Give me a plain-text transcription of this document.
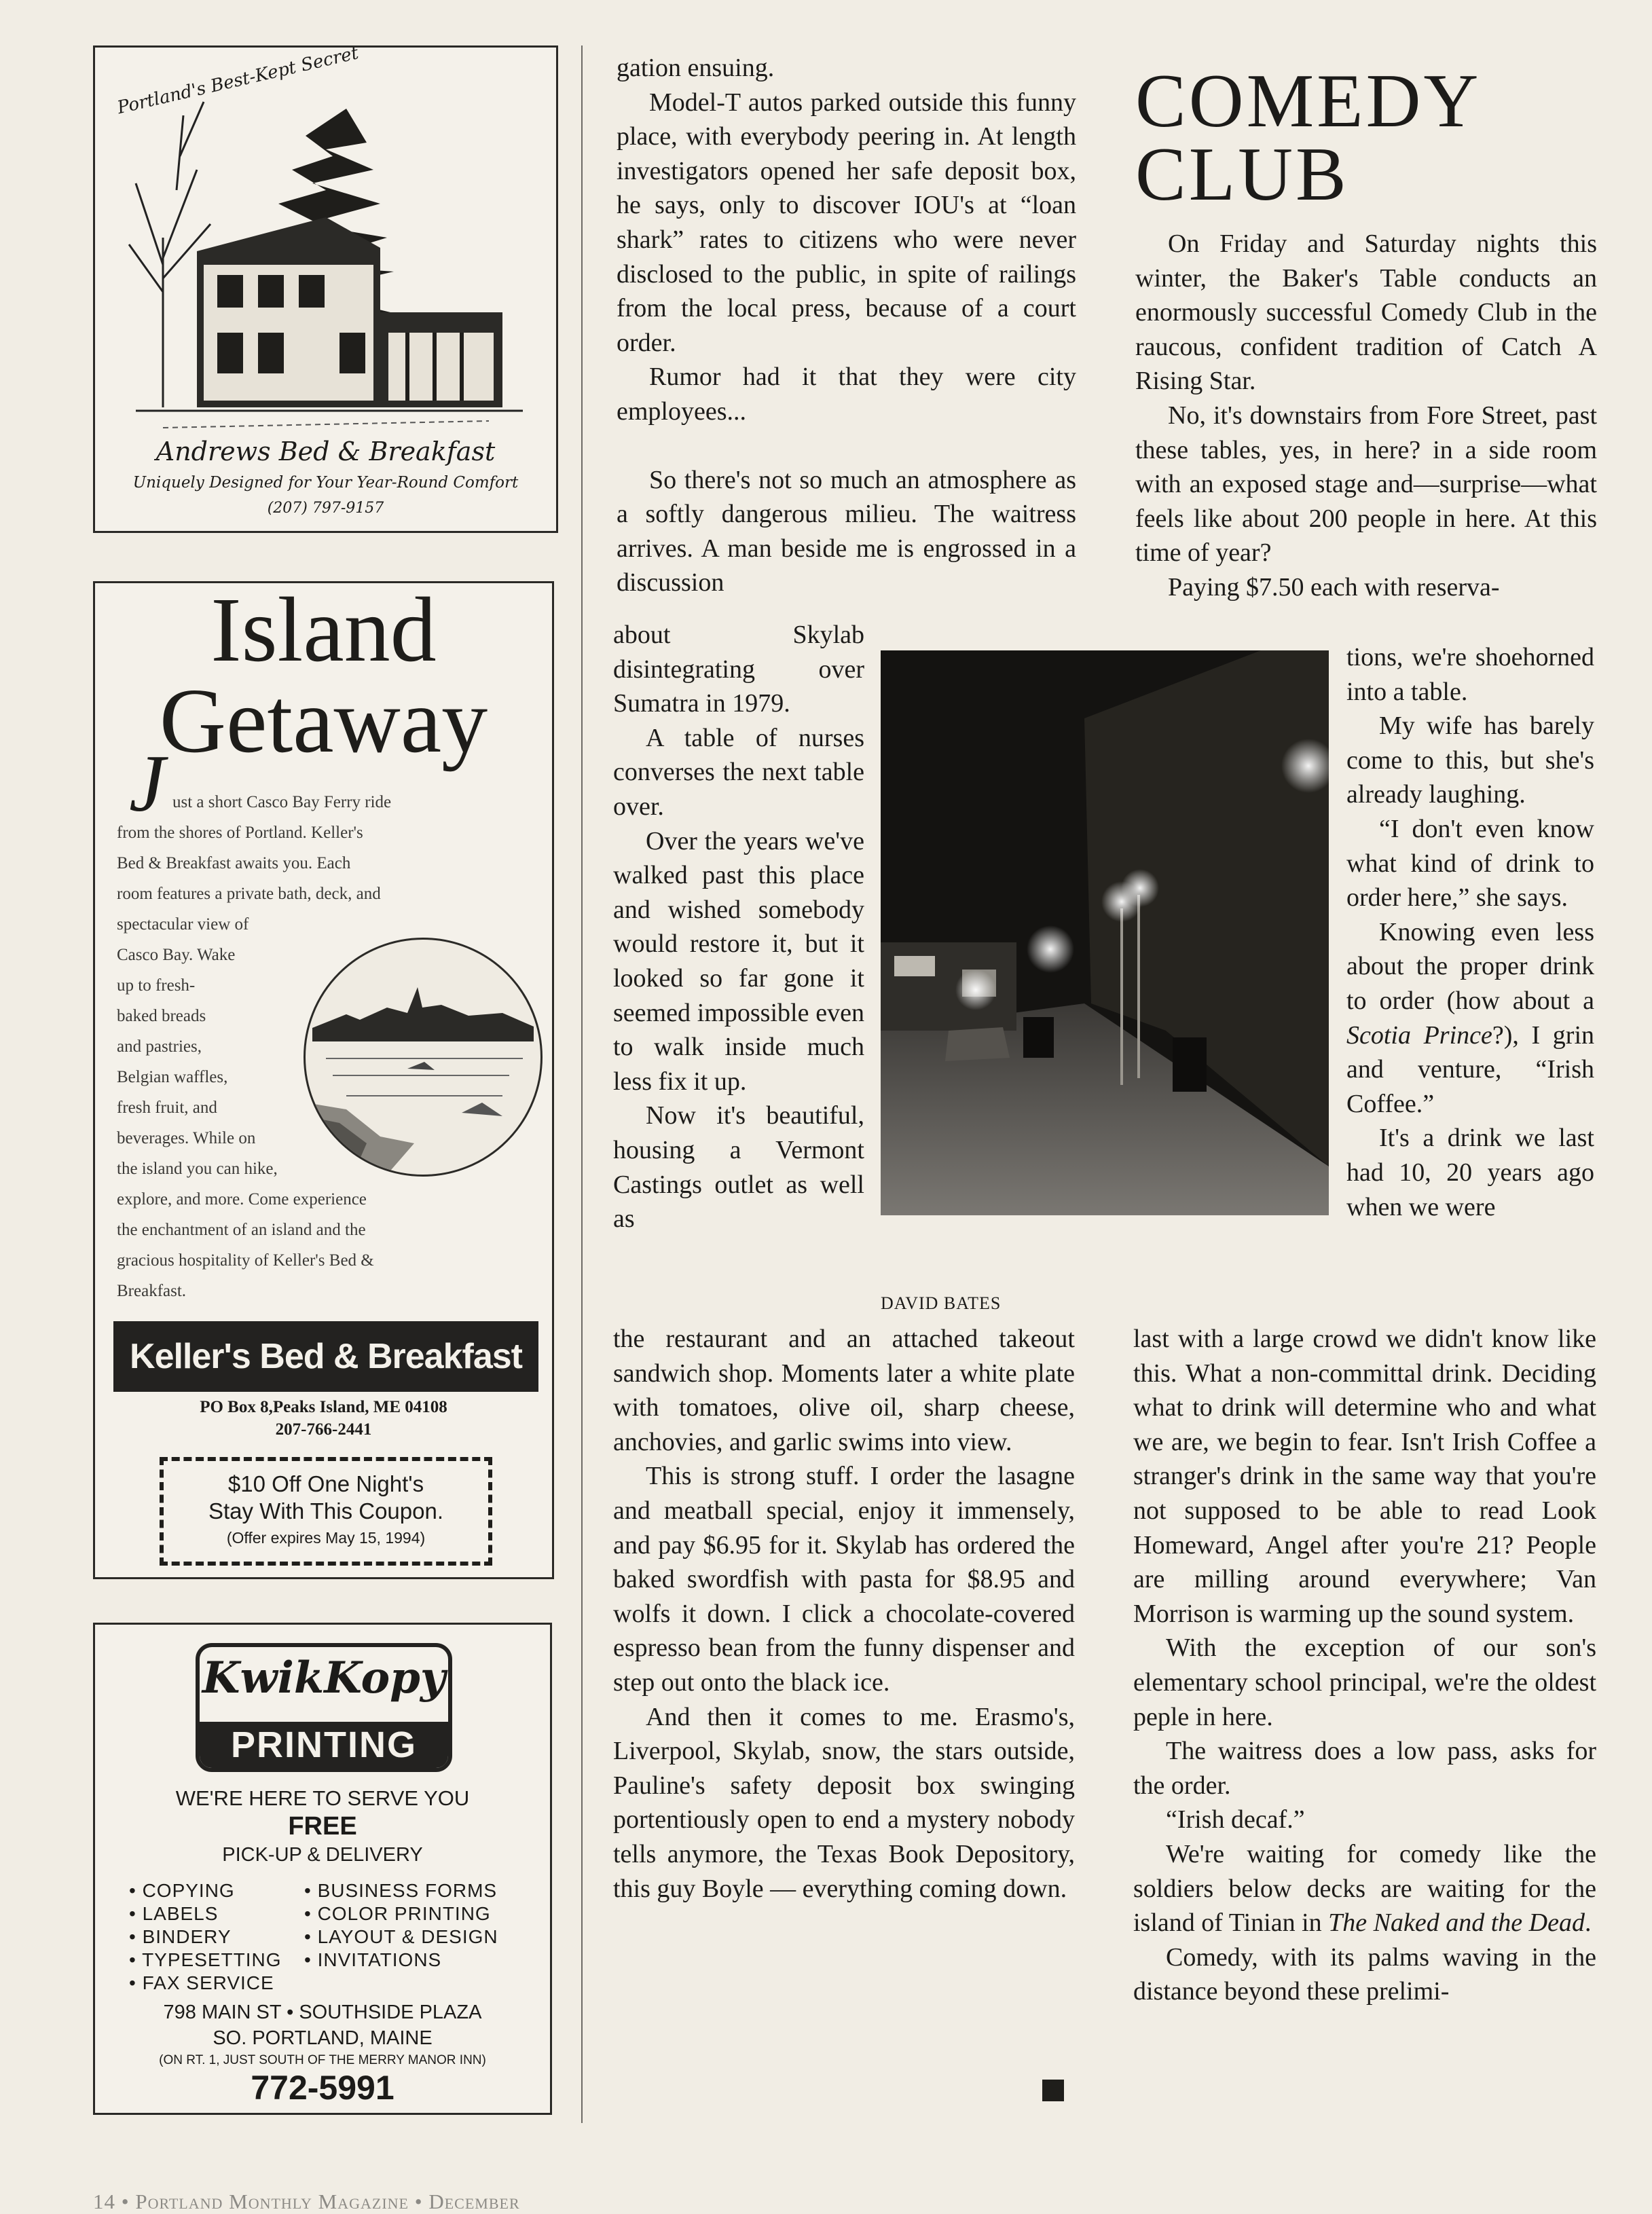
Portland's Best-Kept Secret
Andrews Bed & Breakfast
Uniquely Designed for Your Year-Round Comfort
(207) 797-9157
Island
Getaway
J ust a short Casco Bay Ferry ride
from the shores of Portland. Keller's
Bed & Breakfast awaits you. Each
room features a private bath, deck, and
spectacular view of
Casco Bay. Wake
up to fresh-
baked breads
and pastries,
Belgian waffles,
fresh fruit, and
beverages. While on
the island you can hike,
explore, and more. Come experience
the enchantment of an island and the
gracious hospitality of Keller's Bed &
Breakfast.
Keller's Bed & Breakfast
PO Box 8,Peaks Island, ME 04108
207-766-2441
$10 Off One Night's
Stay With This Coupon.
(Offer expires May 15, 1994)
KwikKopy
PRINTING
WE'RE HERE TO SERVE YOU
FREE
PICK-UP & DELIVERY
• COPYING
• LABELS
• BINDERY
• TYPESETTING
• FAX SERVICE
• BUSINESS FORMS
• COLOR PRINTING
• LAYOUT & DESIGN
• INVITATIONS
798 MAIN ST • SOUTHSIDE PLAZA
SO. PORTLAND, MAINE
(ON RT. 1, JUST SOUTH OF THE MERRY MANOR INN)
772-5991

gation ensuing.

Model-T autos parked outside this funny place, with everybody peering in. At length investigators opened her safe deposit box, he says, only to discover IOU's at “loan shark” rates to citizens who were never disclosed to the public, in spite of railings from the local press, because of a court order.

Rumor had it that they were city employees...

So there's not so much an atmosphere as a softly dangerous milieu. The waitress arrives. A man beside me is engrossed in a discussion

about Skylab disintegrating over Sumatra in 1979.

A table of nurses converses the next table over.

Over the years we've walked past this place and wished somebody would restore it, but it looked so far gone it seemed impossible even to walk inside much less fix it up.

Now it's beautiful, housing a Vermont Castings outlet as well as

the restaurant and an attached takeout sandwich shop. Moments later a white plate with tomatoes, olive oil, sharp cheese, anchovies, and garlic swims into view.

This is strong stuff. I order the lasagne and meatball special, enjoy it immensely, and pay $6.95 for it. Skylab has ordered the baked swordfish with pasta for $8.95 and wolfs it down. I click a chocolate-covered espresso bean from the funny dispenser and step out onto the black ice.

And then it comes to me. Erasmo's, Liverpool, Skylab, snow, the stars outside, Pauline's safety deposit box swinging portentiously open to end a mystery nobody tells anymore, the Texas Book Depository, this guy Boyle — everything coming down.

DAVID BATES
COMEDY
CLUB

On Friday and Saturday nights this winter, the Baker's Table conducts an enormously successful Comedy Club in the raucous, confident tradition of Catch A Rising Star.

No, it's downstairs from Fore Street, past these tables, yes, in here? in a side room with an exposed stage and—surprise—what feels like about 200 people in here. At this time of year?

Paying $7.50 each with reserva-

tions, we're shoehorned into a table.

My wife has barely come to this, but she's already laughing.

“I don't even know what kind of drink to order here,” she says.

Knowing even less about the proper drink to order (how about a Scotia Prince?), I grin and venture, “Irish Coffee.”

It's a drink we last had 10, 20 years ago when we were

last with a large crowd we didn't know like this. What a non-committal drink. Deciding what to drink will determine who and what we are, we begin to fear. Isn't Irish Coffee a stranger's drink in the same way that you're not supposed to be able to read Look Homeward, Angel after you're 21? People are milling around everywhere; Van Morrison is warming up the sound system.

With the exception of our son's elementary school principal, we're the oldest peple in here.

The waitress does a low pass, asks for the order.

“Irish decaf.”

We're waiting for comedy like the soldiers below decks are waiting for the island of Tinian in The Naked and the Dead.

Comedy, with its palms waving in the distance beyond these prelimi-

14 • Portland Monthly Magazine • December
